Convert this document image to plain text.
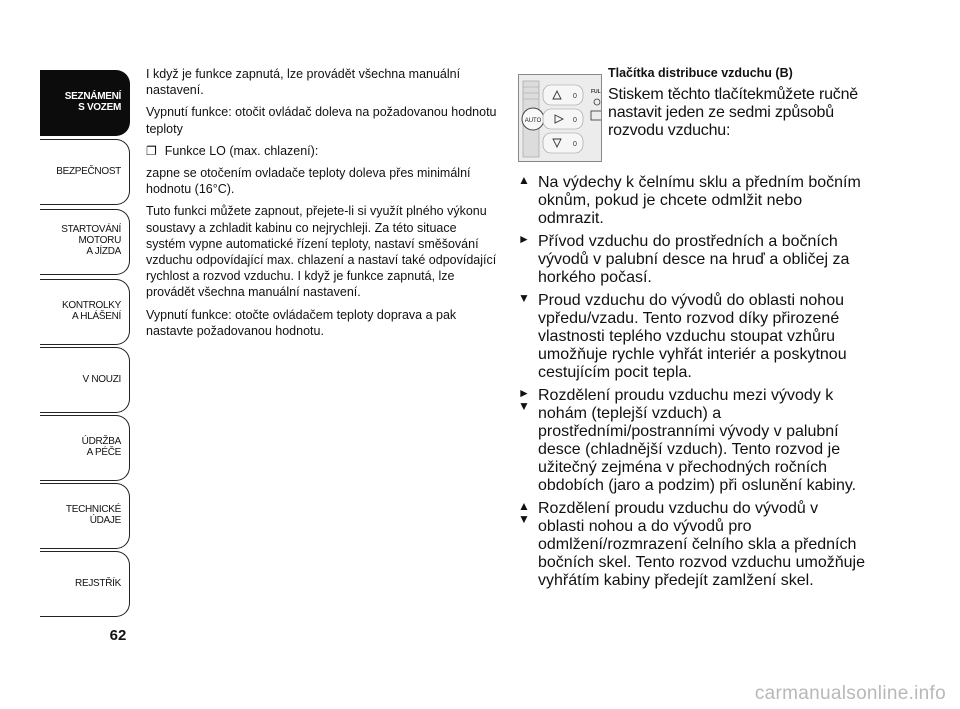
SEZNÁMENÍ
S VOZEM
BEZPEČNOST
STARTOVÁNÍ
MOTORU
A JÍZDA
KONTROLKY
A HLÁŠENÍ
V NOUZI
ÚDRŽBA
A PÉČE
TECHNICKÉ
ÚDAJE
REJSTŘÍK
62

I když je funkce zapnutá, lze provádět všechna manuální nastavení.

Vypnutí funkce: otočit ovládač doleva na požadovanou hodnotu teploty

❐ Funkce LO (max. chlazení):

zapne se otočením ovladače teploty doleva přes minimální hodnotu (16°C).

Tuto funkci můžete zapnout, přejete-li si využít plného výkonu soustavy a zchladit kabinu co nejrychleji. Za této situace systém vypne automatické řízení teploty, nastaví směšování vzduchu odpovídající max. chlazení a nastaví také odpovídající rychlost a rozvod vzduchu. I když je funkce zapnutá, lze provádět všechna manuální nastavení.

Vypnutí funkce: otočte ovládačem teploty doprava a pak nastavte požadovanou hodnotu.

AUTO
0
0
0
FUL

Tlačítka distribuce vzduchu (B)

Stiskem těchto tlačítekmůžete ručně nastavit jeden ze sedmi způsobů rozvodu vzduchu:

▲ Na výdechy k čelnímu sklu a předním bočním oknům, pokud je chcete odmlžit nebo odmrazit.
► Přívod vzduchu do prostředních a bočních vývodů v palubní desce na hruď a obličej za horkého počasí.
▼ Proud vzduchu do vývodů do oblasti nohou vpředu/vzadu. Tento rozvod díky přirozené vlastnosti teplého vzduchu stoupat vzhůru umožňuje rychle vyhřát interiér a poskytnou cestujícím pocit tepla.
►
▼
Rozdělení proudu vzduchu mezi vývody k nohám (teplejší vzduch) a prostředními/postranními vývody v palubní desce (chladnější vzduch). Tento rozvod je užitečný zejména v přechodných ročních obdobích (jaro a podzim) při oslunění kabiny.
▲
▼
Rozdělení proudu vzduchu do vývodů v oblasti nohou a do vývodů pro odmlžení/rozmrazení čelního skla a předních bočních skel. Tento rozvod vzduchu umožňuje vyhřátím kabiny předejít zamlžení skel.
carmanualsonline.info
